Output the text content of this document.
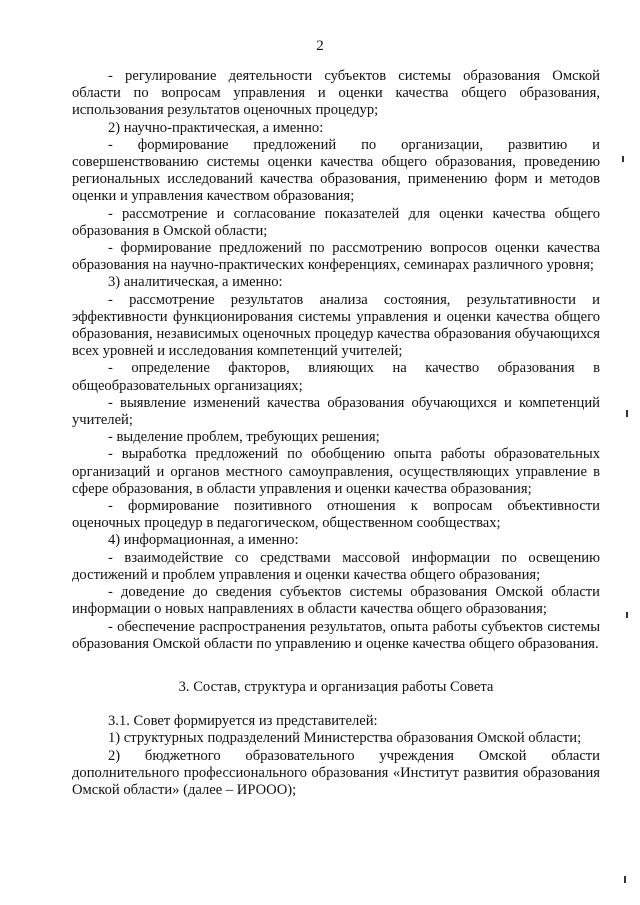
2

- регулирование деятельности субъектов системы образования Омской области по вопросам управления и оценки качества общего образования, использования результатов оценочных процедур;

2) научно-практическая, а именно:

- формирование предложений по организации, развитию и совершенствованию системы оценки качества общего образования, проведению региональных исследований качества образования, применению форм и методов оценки и управления качеством образования;

- рассмотрение и согласование показателей для оценки качества общего образования в Омской области;

- формирование предложений по рассмотрению вопросов оценки качества образования на научно-практических конференциях, семинарах различного уровня;

3) аналитическая, а именно:

- рассмотрение результатов анализа состояния, результативности и эффективности функционирования системы управления и оценки качества общего образования, независимых оценочных процедур качества образования обучающихся всех уровней и исследования компетенций учителей;

- определение факторов, влияющих на качество образования в общеобразовательных организациях;

- выявление изменений качества образования обучающихся и компетенций учителей;

- выделение проблем, требующих решения;

- выработка предложений по обобщению опыта работы образовательных организаций и органов местного самоуправления, осуществляющих управление в сфере образования, в области управления и оценки качества образования;

- формирование позитивного отношения к вопросам объективности оценочных процедур в педагогическом, общественном сообществах;

4) информационная, а именно:

- взаимодействие со средствами массовой информации по освещению достижений и проблем управления и оценки качества общего образования;

- доведение до сведения субъектов системы образования Омской области информации о новых направлениях в области качества общего образования;

- обеспечение распространения результатов, опыта работы субъектов системы образования Омской области по управлению и оценке качества общего образования.

3. Состав, структура и организация работы Совета

3.1. Совет формируется из представителей:

1) структурных подразделений Министерства образования Омской области;

2) бюджетного образовательного учреждения Омской области дополнительного профессионального образования «Институт развития образования Омской области» (далее – ИРООО);
